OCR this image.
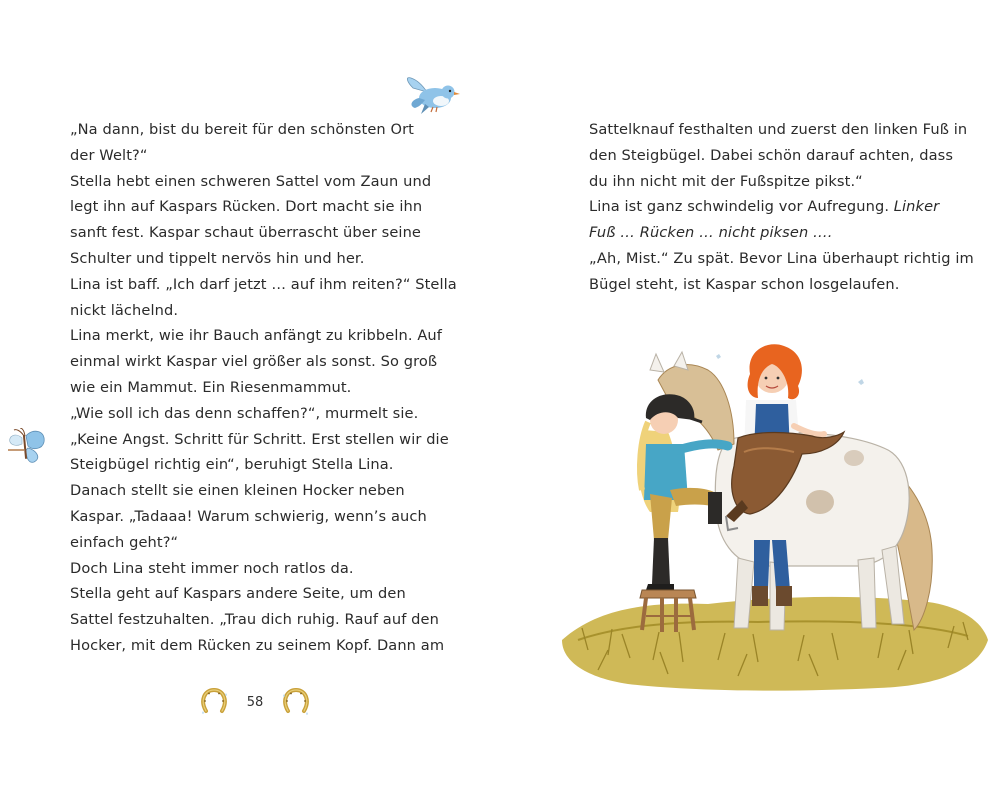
„Na dann, bist du bereit für den schönsten Ort
der Welt?“
Stella hebt einen schweren Sattel vom Zaun und
legt ihn auf Kaspars Rücken. Dort macht sie ihn
sanft fest. Kaspar schaut überrascht über seine
Schulter und tippelt nervös hin und her.
Lina ist baff. „Ich darf jetzt … auf ihm reiten?“ Stella
nickt lächelnd.
Lina merkt, wie ihr Bauch anfängt zu kribbeln. Auf
einmal wirkt Kaspar viel größer als sonst. So groß
wie ein Mammut. Ein Riesenmammut.
„Wie soll ich das denn schaffen?“, murmelt sie.
„Keine Angst. Schritt für Schritt. Erst stellen wir die
Steigbügel richtig ein“, beruhigt Stella Lina.
Danach stellt sie einen kleinen Hocker neben
Kaspar. „Tadaaa! Warum schwierig, wenn’s auch
einfach geht?“
Doch Lina steht immer noch ratlos da.
Stella geht auf Kaspars andere Seite, um den
Sattel festzuhalten. „Trau dich ruhig. Rauf auf den
Hocker, mit dem Rücken zu seinem Kopf. Dann am
58
Sattelknauf festhalten und zuerst den linken Fuß in
den Steigbügel. Dabei schön darauf achten, dass
du ihn nicht mit der Fußspitze pikst.“
Lina ist ganz schwindelig vor Aufregung. Linker
Fuß … Rücken … nicht piksen ….
„Ah, Mist.“ Zu spät. Bevor Lina überhaupt richtig im
Bügel steht, ist Kaspar schon losgelaufen.
